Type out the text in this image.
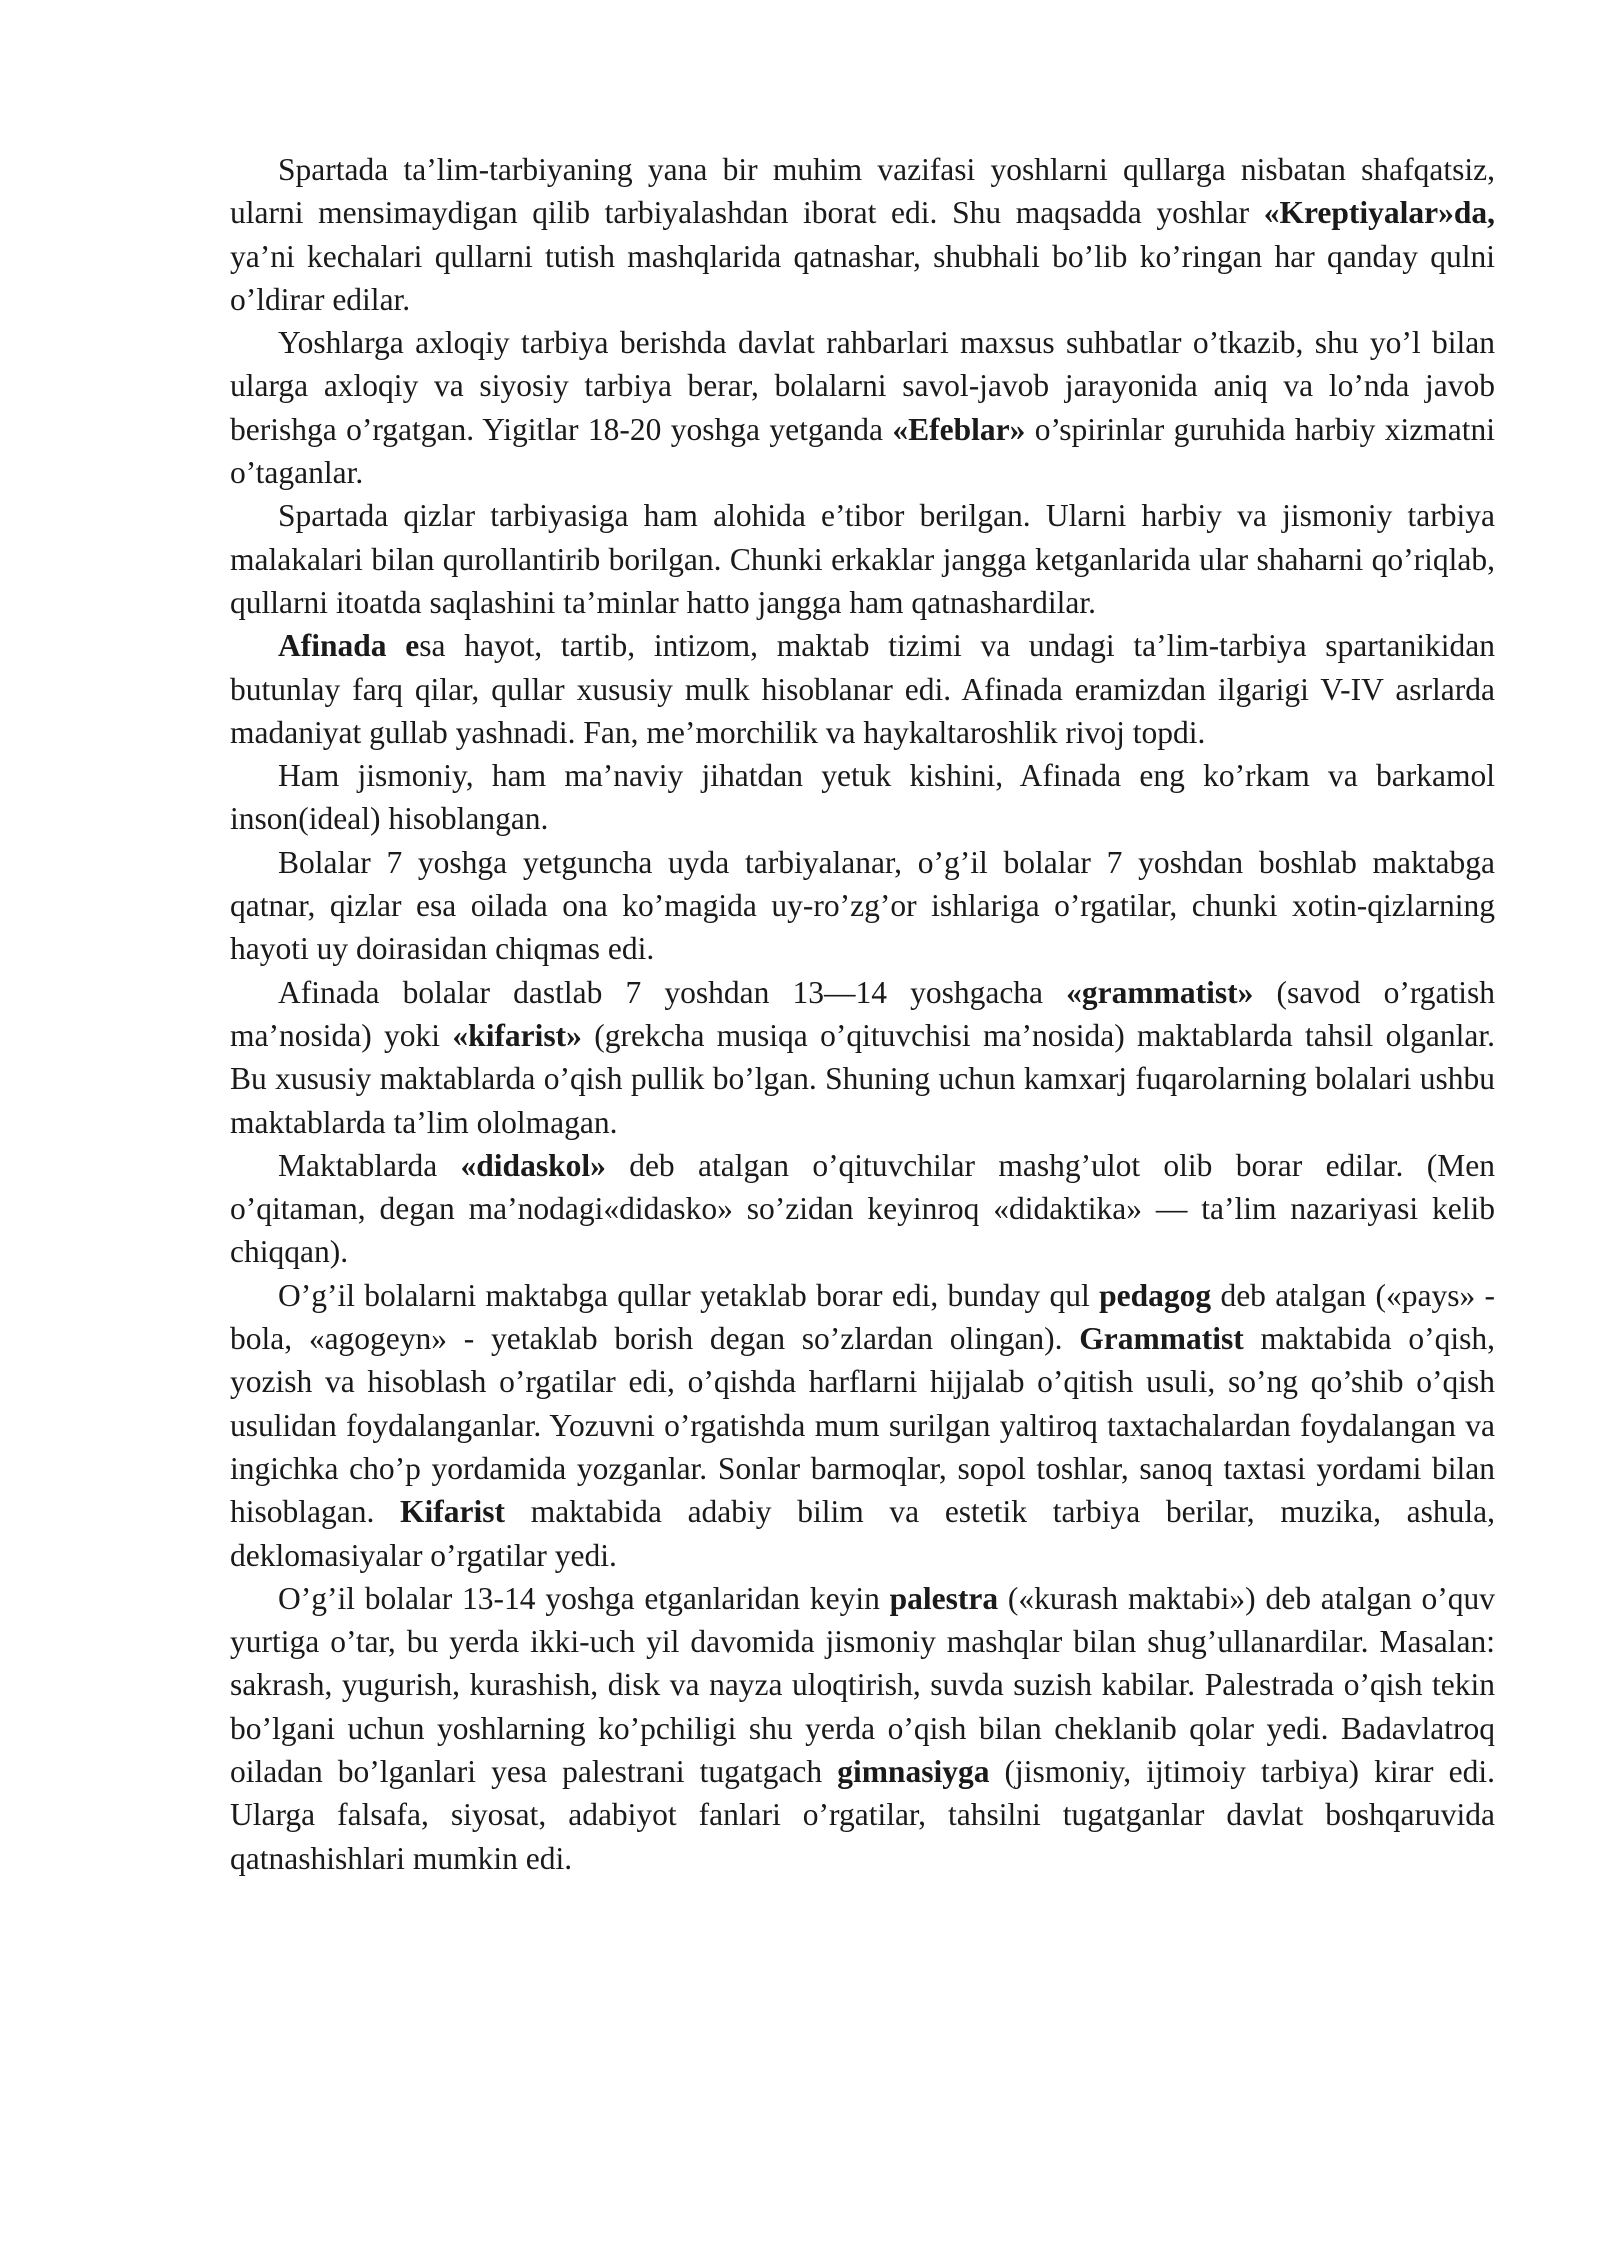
Spartada ta’lim-tarbiyaning yana bir muhim vazifasi yoshlarni qullarga nisbatan shafqatsiz, ularni mensimaydigan qilib tarbiyalashdan iborat edi. Shu maqsadda yoshlar «Kreptiyalar»da, ya’ni kechalari qullarni tutish mashqlarida qatnashar, shubhali bo’lib ko’ringan har qanday qulni o’ldirar edilar.

Yoshlarga axloqiy tarbiya berishda davlat rahbarlari maxsus suhbatlar o’tkazib, shu yo’l bilan ularga axloqiy va siyosiy tarbiya berar, bolalarni savol-javob jarayonida aniq va lo’nda javob berishga o’rgatgan. Yigitlar 18-20 yoshga yetganda «Efeblar» o’spirinlar guruhida harbiy xizmatni o’taganlar.

Spartada qizlar tarbiyasiga ham alohida e’tibor berilgan. Ularni harbiy va jismoniy tarbiya malakalari bilan qurollantirib borilgan. Chunki erkaklar jangga ketganlarida ular shaharni qo’riqlab, qullarni itoatda saqlashini ta’minlar hatto jangga ham qatnashardilar.

Afinada esa hayot, tartib, intizom, maktab tizimi va undagi ta’lim-tarbiya spartanikidan butunlay farq qilar, qullar xususiy mulk hisoblanar edi. Afinada eramizdan ilgarigi V-IV asrlarda madaniyat gullab yashnadi. Fan, me’morchilik va haykaltaroshlik rivoj topdi.

Ham jismoniy, ham ma’naviy jihatdan yetuk kishini, Afinada eng ko’rkam va barkamol inson(ideal) hisoblangan.

Bolalar 7 yoshga yetguncha uyda tarbiyalanar, o’g’il bolalar 7 yoshdan boshlab maktabga qatnar, qizlar esa oilada ona ko’magida uy-ro’zg’or ishlariga o’rgatilar, chunki xotin-qizlarning hayoti uy doirasidan chiqmas edi.

Afinada bolalar dastlab 7 yoshdan 13—14 yoshgacha «grammatist» (savod o’rgatish ma’nosida) yoki «kifarist» (grekcha musiqa o’qituvchisi ma’nosida) maktablarda tahsil olganlar. Bu xususiy maktablarda o’qish pullik bo’lgan. Shuning uchun kamxarj fuqarolarning bolalari ushbu maktablarda ta’lim ololmagan.

Maktablarda «didaskol» deb atalgan o’qituvchilar mashg’ulot olib borar edilar. (Men o’qitaman, degan ma’nodagi«didasko» so’zidan keyinroq «didaktika» — ta’lim nazariyasi kelib chiqqan).

O’g’il bolalarni maktabga qullar yetaklab borar edi, bunday qul pedagog deb atalgan («pays» - bola, «agogeyn» - yetaklab borish degan so’zlardan olingan). Grammatist maktabida o’qish, yozish va hisoblash o’rgatilar edi, o’qishda harflarni hijjalab o’qitish usuli, so’ng qo’shib o’qish usulidan foydalanganlar. Yozuvni o’rgatishda mum surilgan yaltiroq taxtachalardan foydalangan va ingichka cho’p yordamida yozganlar. Sonlar barmoqlar, sopol toshlar, sanoq taxtasi yordami bilan hisoblagan. Kifarist maktabida adabiy bilim va estetik tarbiya berilar, muzika, ashula, deklomasiyalar o’rgatilar yedi.

O’g’il bolalar 13-14 yoshga etganlaridan keyin palestra («kurash maktabi») deb atalgan o’quv yurtiga o’tar, bu yerda ikki-uch yil davomida jismoniy mashqlar bilan shug’ullanardilar. Masalan: sakrash, yugurish, kurashish, disk va nayza uloqtirish, suvda suzish kabilar. Palestrada o’qish tekin bo’lgani uchun yoshlarning ko’pchiligi shu yerda o’qish bilan cheklanib qolar yedi. Badavlatroq oiladan bo’lganlari yesa palestrani tugatgach gimnasiyga (jismoniy, ijtimoiy tarbiya) kirar edi. Ularga falsafa, siyosat, adabiyot fanlari o’rgatilar, tahsilni tugatganlar davlat boshqaruvida qatnashishlari mumkin edi.
